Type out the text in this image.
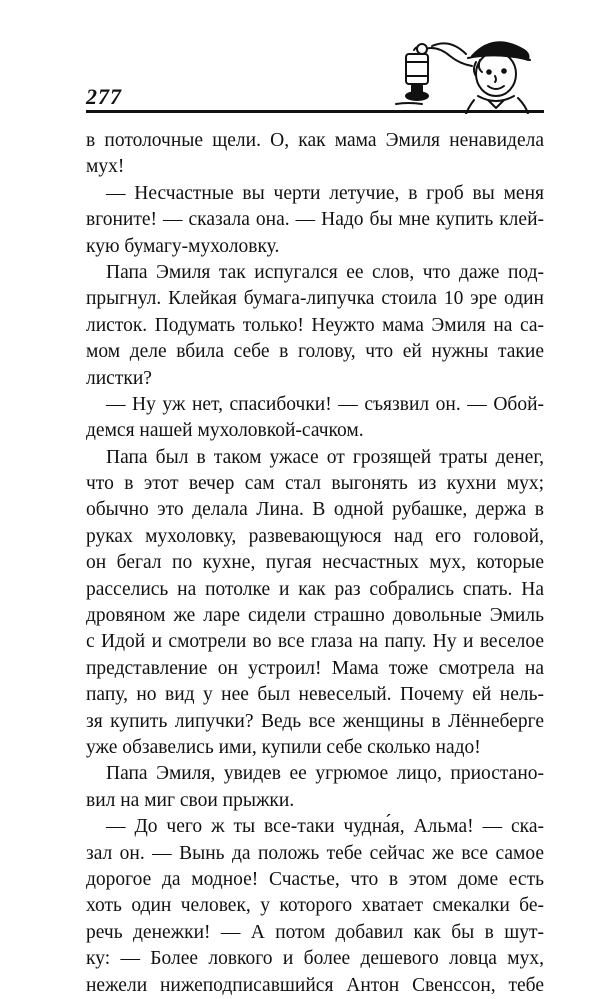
277
в потолочные щели. О, как мама Эмиля ненавидела
мух!
— Несчастные вы черти летучие, в гроб вы меня
вгоните! — сказала она. — Надо бы мне купить клей-
кую бумагу-мухоловку.
Папа Эмиля так испугался ее слов, что даже под-
прыгнул. Клейкая бумага-липучка стоила 10 эре один
листок. Подумать только! Неужто мама Эмиля на са-
мом деле вбила себе в голову, что ей нужны такие
листки?
— Ну уж нет, спасибочки! — съязвил он. — Обой-
демся нашей мухоловкой-сачком.
Папа был в таком ужасе от грозящей траты денег,
что в этот вечер сам стал выгонять из кухни мух;
обычно это делала Лина. В одной рубашке, держа в
руках мухоловку, развевающуюся над его головой,
он бегал по кухне, пугая несчастных мух, которые
расселись на потолке и как раз собрались спать. На
дровяном же ларе сидели страшно довольные Эмиль
с Идой и смотрели во все глаза на папу. Ну и веселое
представление он устроил! Мама тоже смотрела на
папу, но вид у нее был невеселый. Почему ей нель-
зя купить липучки? Ведь все женщины в Лённеберге
уже обзавелись ими, купили себе сколько надо!
Папа Эмиля, увидев ее угрюмое лицо, приостано-
вил на миг свои прыжки.
— До чего ж ты все-таки чудна́я, Альма! — ска-
зал он. — Вынь да положь тебе сейчас же все самое
дорогое да модное! Счастье, что в этом доме есть
хоть один человек, у которого хватает смекалки бе-
речь денежки! — А потом добавил как бы в шут-
ку: — Более ловкого и более дешевого ловца мух,
нежели нижеподписавшийся Антон Свенссон, тебе
